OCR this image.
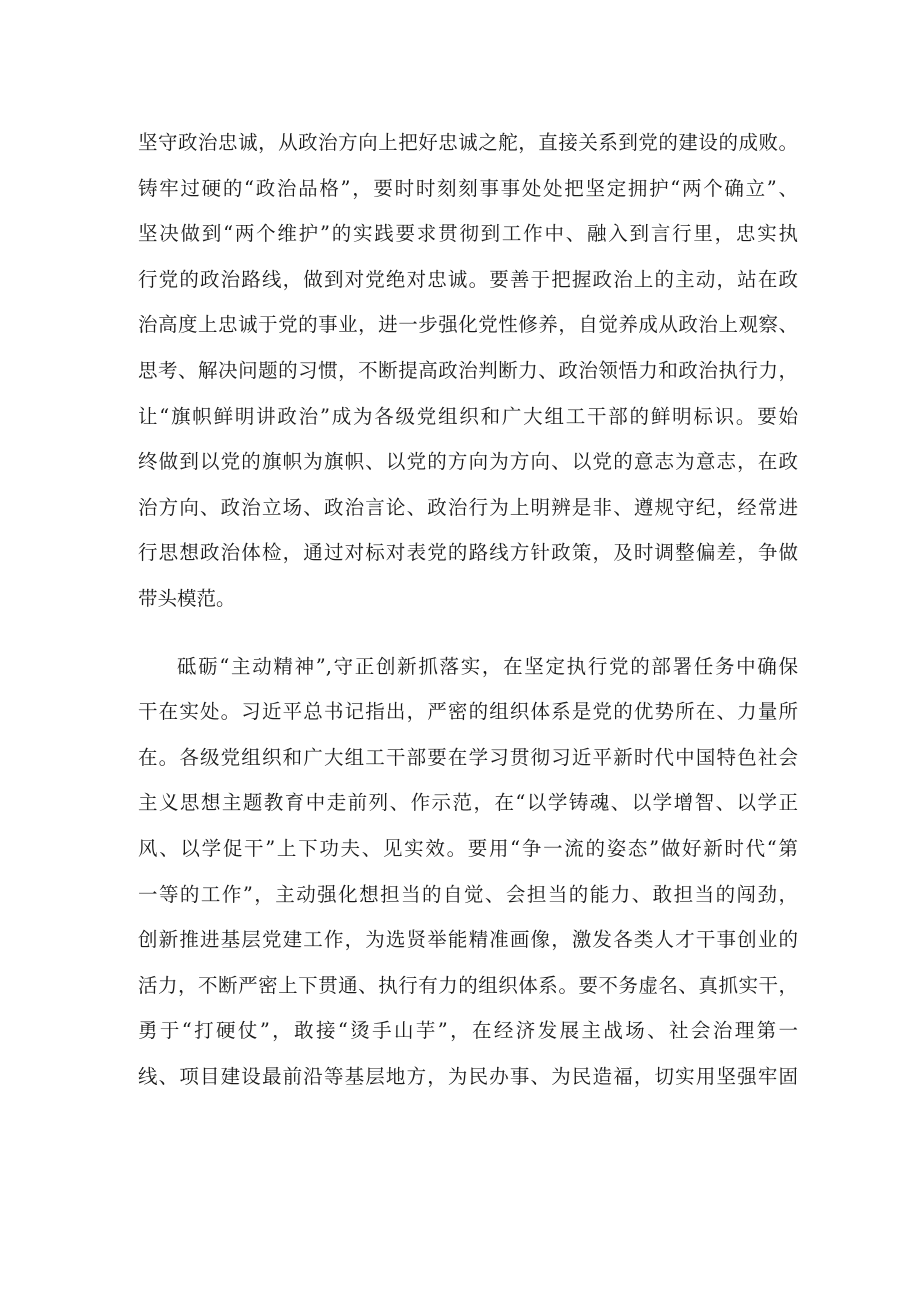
坚守政治忠诚，从政治方向上把好忠诚之舵，直接关系到党的建设的成败。
铸牢过硬的“政治品格”，要时时刻刻事事处处把坚定拥护“两个确立”、
坚决做到“两个维护”的实践要求贯彻到工作中、融入到言行里，忠实执
行党的政治路线，做到对党绝对忠诚。要善于把握政治上的主动，站在政
治高度上忠诚于党的事业，进一步强化党性修养，自觉养成从政治上观察、
思考、解决问题的习惯，不断提高政治判断力、政治领悟力和政治执行力，
让“旗帜鲜明讲政治”成为各级党组织和广大组工干部的鲜明标识。要始
终做到以党的旗帜为旗帜、以党的方向为方向、以党的意志为意志，在政
治方向、政治立场、政治言论、政治行为上明辨是非、遵规守纪，经常进
行思想政治体检，通过对标对表党的路线方针政策，及时调整偏差，争做
带头模范。
砥砺“主动精神”,守正创新抓落实，在坚定执行党的部署任务中确保
干在实处。习近平总书记指出，严密的组织体系是党的优势所在、力量所
在。各级党组织和广大组工干部要在学习贯彻习近平新时代中国特色社会
主义思想主题教育中走前列、作示范，在“以学铸魂、以学增智、以学正
风、以学促干”上下功夫、见实效。要用“争一流的姿态”做好新时代“第
一等的工作”，主动强化想担当的自觉、会担当的能力、敢担当的闯劲，
创新推进基层党建工作，为选贤举能精准画像，激发各类人才干事创业的
活力，不断严密上下贯通、执行有力的组织体系。要不务虚名、真抓实干，
勇于“打硬仗”，敢接“烫手山芋”，在经济发展主战场、社会治理第一
线、项目建设最前沿等基层地方，为民办事、为民造福，切实用坚强牢固
